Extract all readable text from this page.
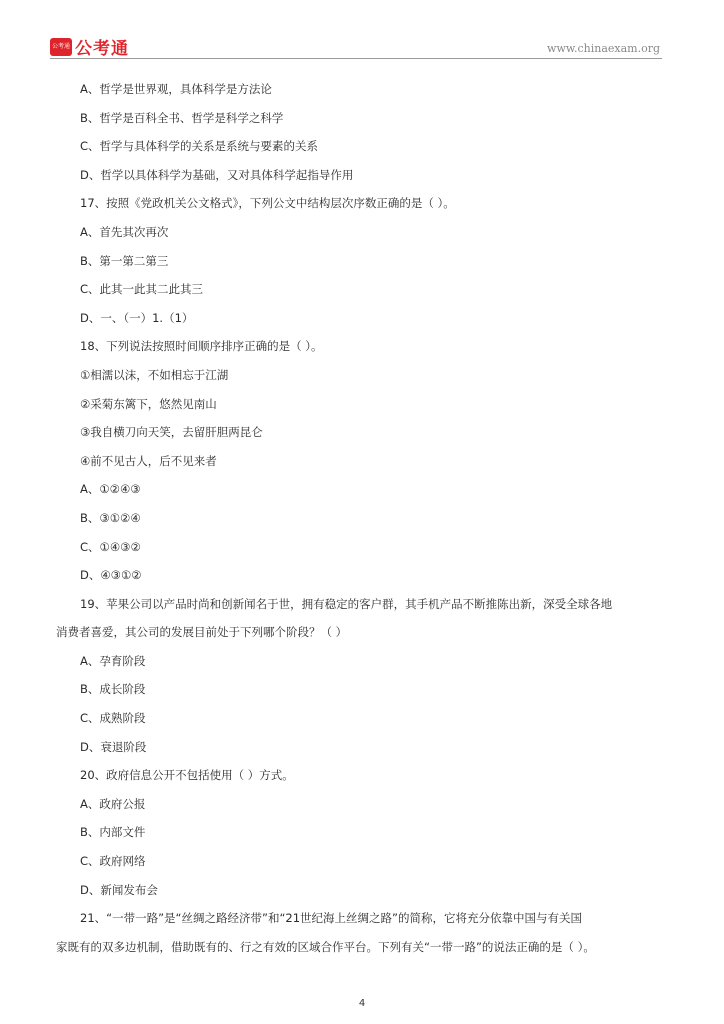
公考通 公考通	www.chinaexam.org
A、哲学是世界观，具体科学是方法论
B、哲学是百科全书、哲学是科学之科学
C、哲学与具体科学的关系是系统与要素的关系
D、哲学以具体科学为基础，又对具体科学起指导作用
17、按照《党政机关公文格式》，下列公文中结构层次序数正确的是（ ）。
A、首先其次再次
B、第一第二第三
C、此其一此其二此其三
D、一、（一）1.（1）
18、下列说法按照时间顺序排序正确的是（ ）。
①相濡以沫，不如相忘于江湖
②采菊东篱下，悠然见南山
③我自横刀向天笑，去留肝胆两昆仑
④前不见古人，后不见来者
A、①②④③
B、③①②④
C、①④③②
D、④③①②
19、苹果公司以产品时尚和创新闻名于世，拥有稳定的客户群，其手机产品不断推陈出新，深受全球各地
消费者喜爱，其公司的发展目前处于下列哪个阶段？（ ）
A、孕育阶段
B、成长阶段
C、成熟阶段
D、衰退阶段
20、政府信息公开不包括使用（ ）方式。
A、政府公报
B、内部文件
C、政府网络
D、新闻发布会
21、“一带一路”是“丝绸之路经济带”和“21世纪海上丝绸之路”的简称，它将充分依靠中国与有关国
家既有的双多边机制，借助既有的、行之有效的区域合作平台。下列有关“一带一路”的说法正确的是（ ）。
4
